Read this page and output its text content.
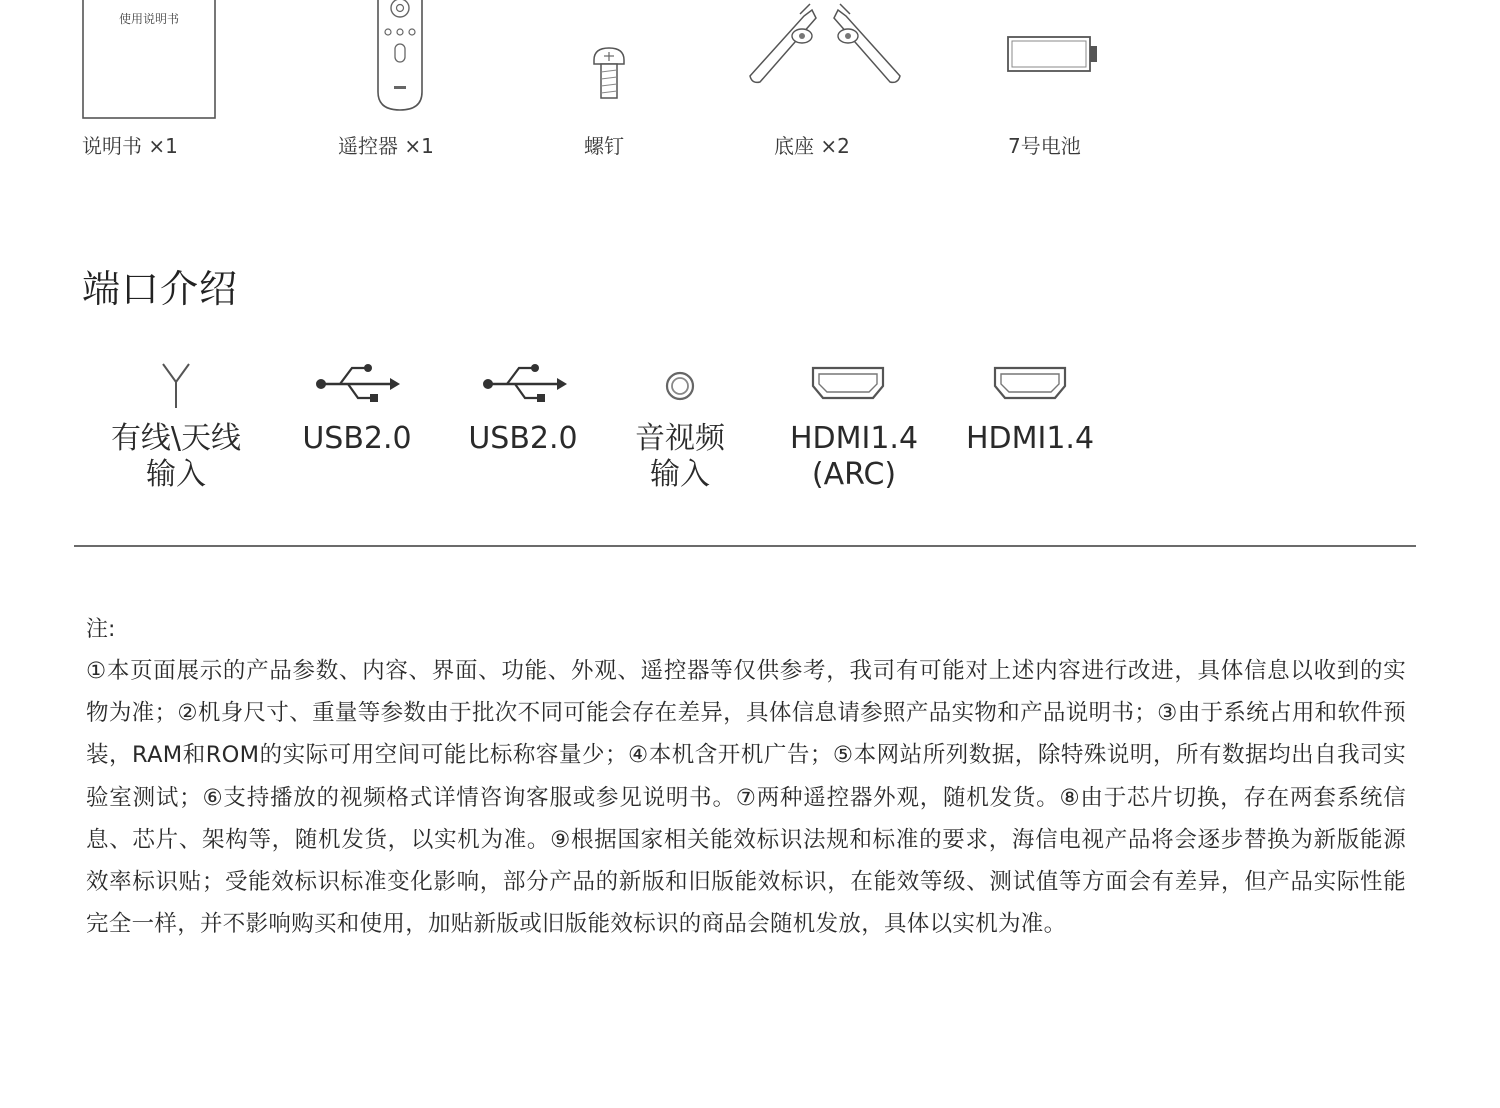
使用说明书
说明书 ×1	遥控器 ×1	螺钉	底座 ×2	7号电池
端口介绍
有线\天线
输入
USB2.0	USB2.0	音视频
输入
HDMI1.4
(ARC)
HDMI1.4
注:
①本页面展示的产品参数、内容、界面、功能、外观、遥控器等仅供参考，我司有可能对上述内容进行改进，具体信息以收到的实物为准；②机身尺寸、重量等参数由于批次不同可能会存在差异，具体信息请参照产品实物和产品说明书；③由于系统占用和软件预装，RAM和ROM的实际可用空间可能比标称容量少；④本机含开机广告；⑤本网站所列数据，除特殊说明，所有数据均出自我司实验室测试；⑥支持播放的视频格式详情咨询客服或参见说明书。⑦两种遥控器外观，随机发货。⑧由于芯片切换，存在两套系统信息、芯片、架构等，随机发货，以实机为准。⑨根据国家相关能效标识法规和标准的要求，海信电视产品将会逐步替换为新版能源效率标识贴；受能效标识标准变化影响，部分产品的新版和旧版能效标识，在能效等级、测试值等方面会有差异，但产品实际性能完全一样，并不影响购买和使用，加贴新版或旧版能效标识的商品会随机发放，具体以实机为准。
